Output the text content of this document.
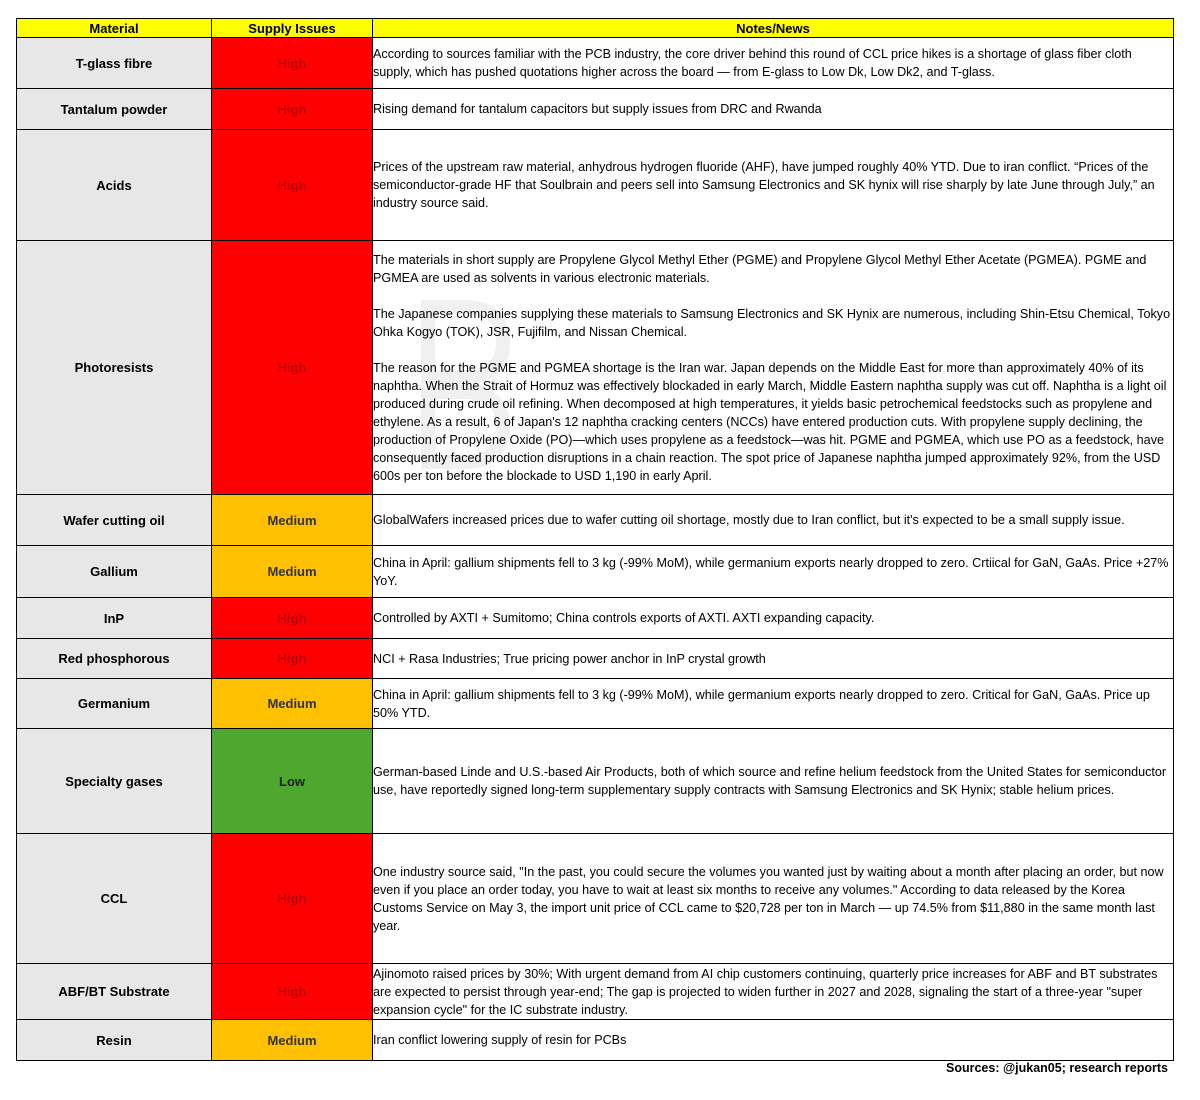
Material	Supply Issues	Notes/News
T-glass fibre	High	According to sources familiar with the PCB industry, the core driver behind this round of CCL price hikes is a shortage of glass fiber cloth supply, which has pushed quotations higher across the board — from E-glass to Low Dk, Low Dk2, and T-glass.

Tantalum powder	High	Rising demand for tantalum capacitors but supply issues from DRC and Rwanda

Acids	High	Prices of the upstream raw material, anhydrous hydrogen fluoride (AHF), have jumped roughly 40% YTD. Due to iran conflict. “Prices of the semiconductor-grade HF that Soulbrain and peers sell into Samsung Electronics and SK hynix will rise sharply by late June through July,” an industry source said.

Photoresists	High	The materials in short supply are Propylene Glycol Methyl Ether (PGME) and Propylene Glycol Methyl Ether Acetate (PGMEA). PGME and PGMEA are used as solvents in various electronic materials.

The Japanese companies supplying these materials to Samsung Electronics and SK Hynix are numerous, including Shin-Etsu Chemical, Tokyo Ohka Kogyo (TOK), JSR, Fujifilm, and Nissan Chemical.

The reason for the PGME and PGMEA shortage is the Iran war. Japan depends on the Middle East for more than approximately 40% of its naphtha. When the Strait of Hormuz was effectively blockaded in early March, Middle Eastern naphtha supply was cut off. Naphtha is a light oil produced during crude oil refining. When decomposed at high temperatures, it yields basic petrochemical feedstocks such as propylene and ethylene. As a result, 6 of Japan's 12 naphtha cracking centers (NCCs) have entered production cuts. With propylene supply declining, the production of Propylene Oxide (PO)—which uses propylene as a feedstock—was hit. PGME and PGMEA, which use PO as a feedstock, have consequently faced production disruptions in a chain reaction. The spot price of Japanese naphtha jumped approximately 92%, from the USD 600s per ton before the blockade to USD 1,190 in early April.

Wafer cutting oil	Medium	GlobalWafers increased prices due to wafer cutting oil shortage, mostly due to Iran conflict, but it's expected to be a small supply issue.

Gallium	Medium	China in April: gallium shipments fell to 3 kg (-99% MoM), while germanium exports nearly dropped to zero. Crtiical for GaN, GaAs. Price +27% YoY.

InP	High	Controlled by AXTI + Sumitomo; China controls exports of AXTI. AXTI expanding capacity.

Red phosphorous	High	NCI + Rasa Industries; True pricing power anchor in InP crystal growth

Germanium	Medium	China in April: gallium shipments fell to 3 kg (-99% MoM), while germanium exports nearly dropped to zero. Critical for GaN, GaAs. Price up 50% YTD.

Specialty gases	Low	German-based Linde and U.S.-based Air Products, both of which source and refine helium feedstock from the United States for semiconductor use, have reportedly signed long-term supplementary supply contracts with Samsung Electronics and SK Hynix; stable helium prices.

CCL	High	One industry source said, "In the past, you could secure the volumes you wanted just by waiting about a month after placing an order, but now even if you place an order today, you have to wait at least six months to receive any volumes." According to data released by the Korea Customs Service on May 3, the import unit price of CCL came to $20,728 per ton in March — up 74.5% from $11,880 in the same month last year.

ABF/BT Substrate	High	Ajinomoto raised prices by 30%; With urgent demand from AI chip customers continuing, quarterly price increases for ABF and BT substrates are expected to persist through year-end; The gap is projected to widen further in 2027 and 2028, signaling the start of a three-year "super expansion cycle" for the IC substrate industry.

Resin	Medium	Iran conflict lowering supply of resin for PCBs

Sources: @jukan05; research reports
